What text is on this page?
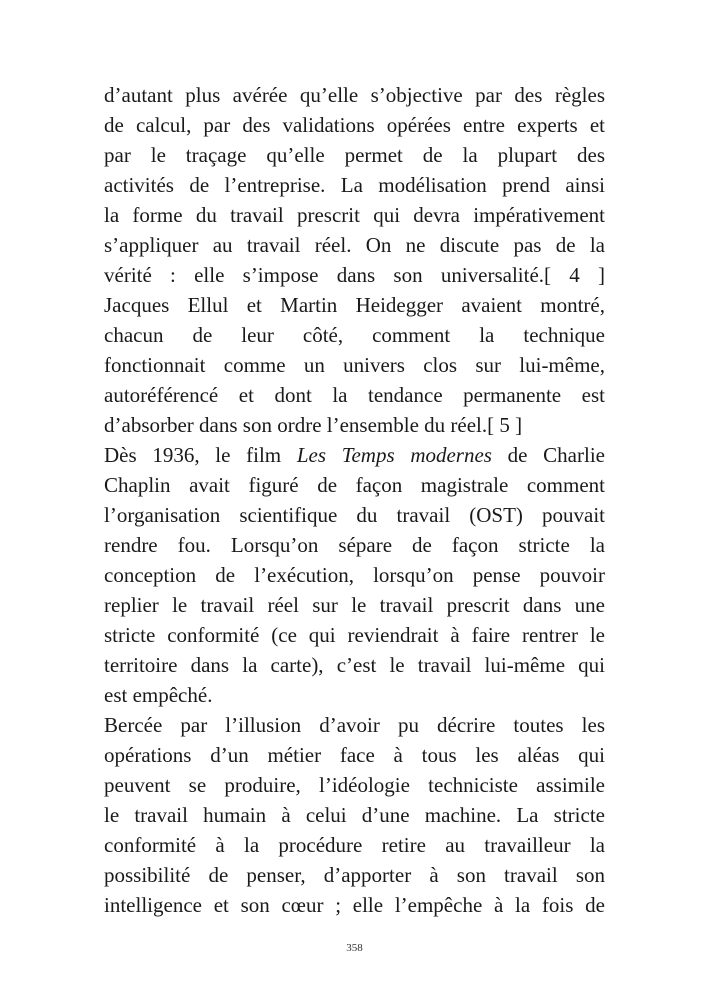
d’autant plus avérée qu’elle s’objective par des règles
de calcul, par des validations opérées entre experts et
par le traçage qu’elle permet de la plupart des
activités de l’entreprise. La modélisation prend ainsi
la forme du travail prescrit qui devra impérativement
s’appliquer au travail réel. On ne discute pas de la
vérité : elle s’impose dans son universalité.[ 4 ]
Jacques Ellul et Martin Heidegger avaient montré,
chacun de leur côté, comment la technique
fonctionnait comme un univers clos sur lui-même,
autoréférencé et dont la tendance permanente est
d’absorber dans son ordre l’ensemble du réel.[ 5 ]
Dès 1936, le film Les Temps modernes de Charlie
Chaplin avait figuré de façon magistrale comment
l’organisation scientifique du travail (OST) pouvait
rendre fou. Lorsqu’on sépare de façon stricte la
conception de l’exécution, lorsqu’on pense pouvoir
replier le travail réel sur le travail prescrit dans une
stricte conformité (ce qui reviendrait à faire rentrer le
territoire dans la carte), c’est le travail lui-même qui
est empêché.
Bercée par l’illusion d’avoir pu décrire toutes les
opérations d’un métier face à tous les aléas qui
peuvent se produire, l’idéologie techniciste assimile
le travail humain à celui d’une machine. La stricte
conformité à la procédure retire au travailleur la
possibilité de penser, d’apporter à son travail son
intelligence et son cœur ; elle l’empêche à la fois de
358
